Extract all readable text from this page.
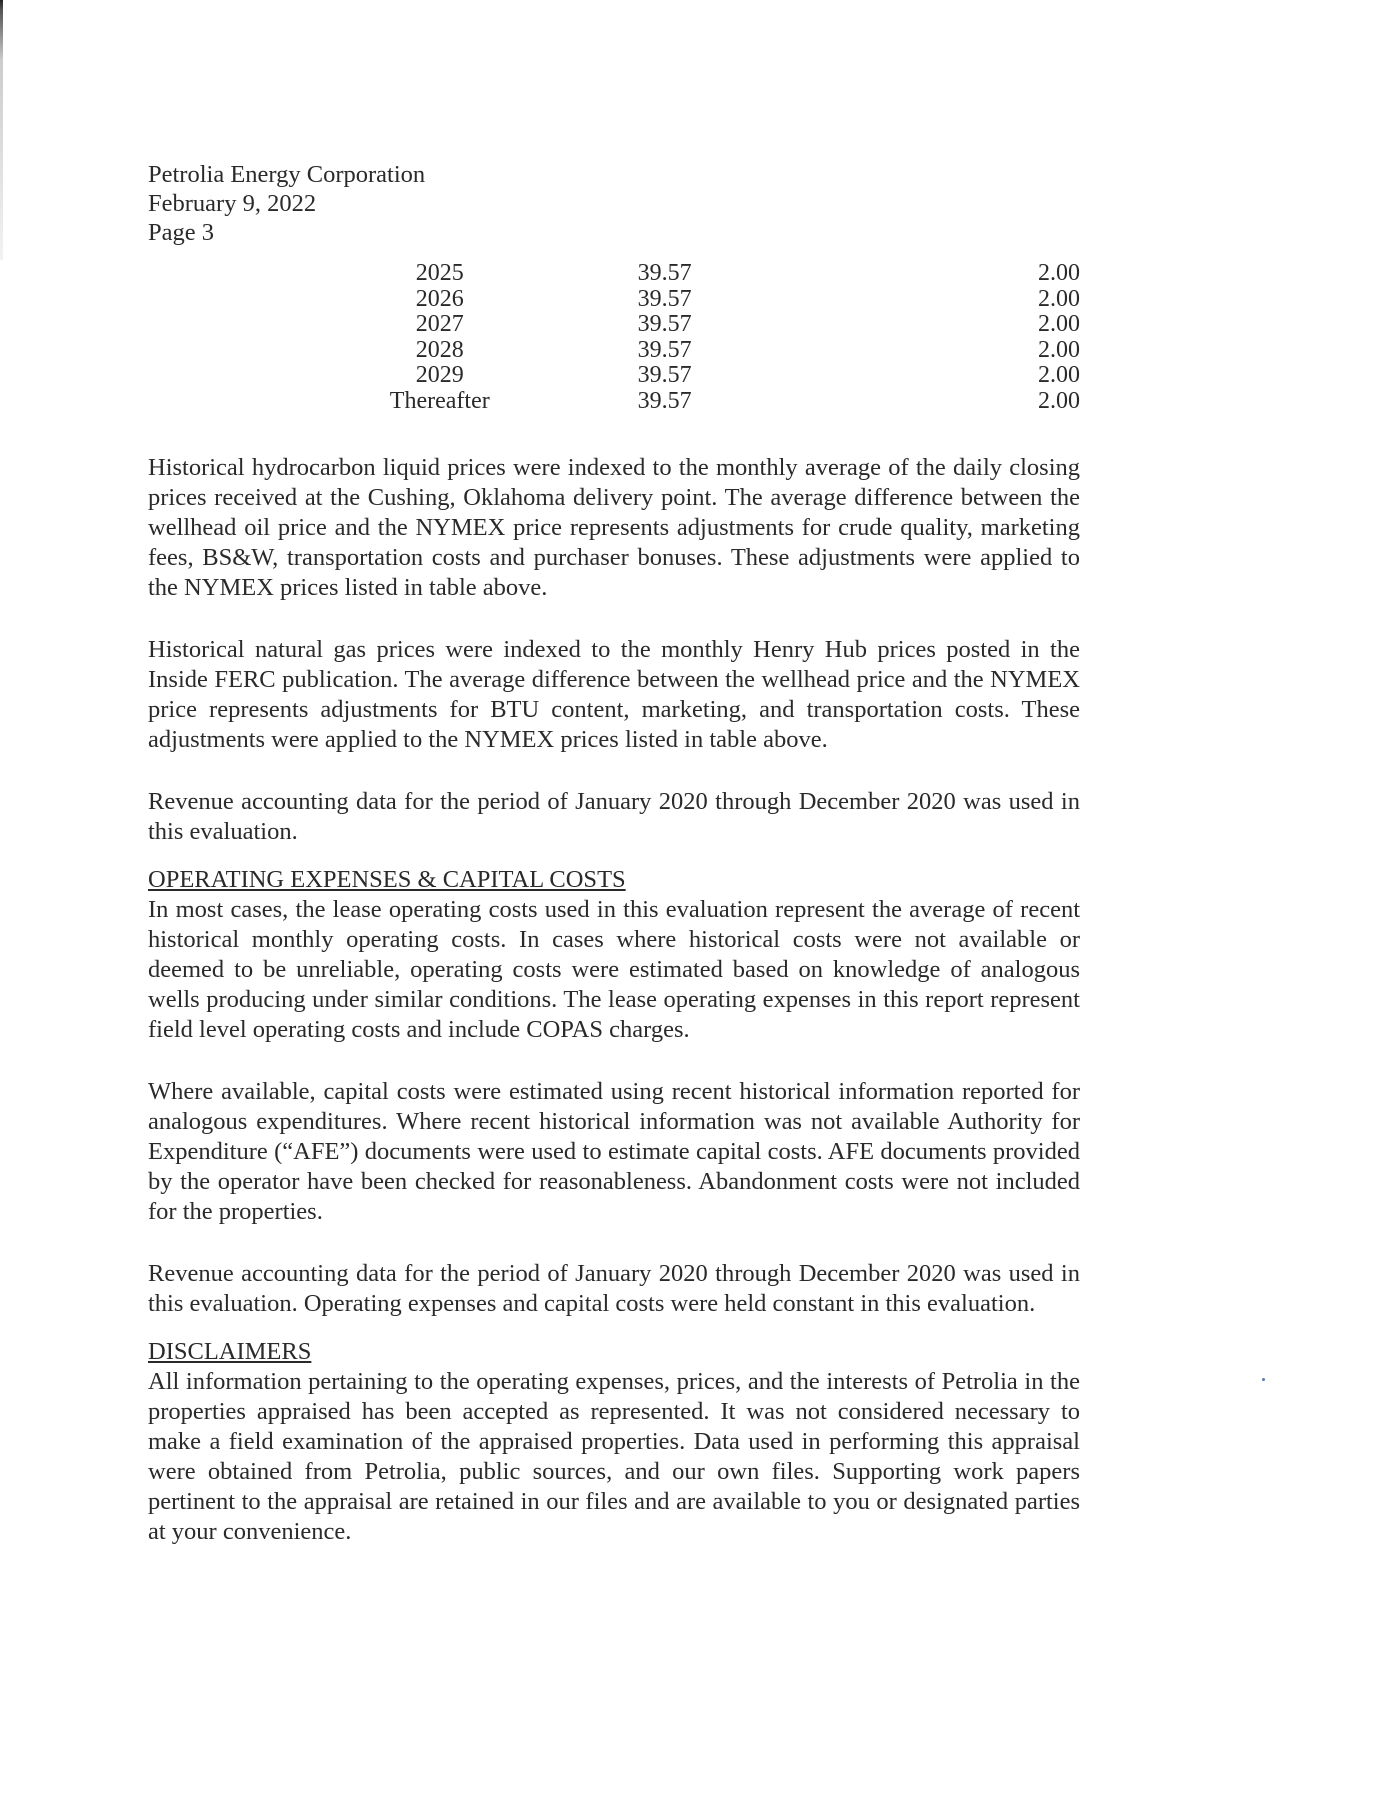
Petrolia Energy Corporation
February 9, 2022
Page 3
2025	39.57	2.00
2026	39.57	2.00
2027	39.57	2.00
2028	39.57	2.00
2029	39.57	2.00
Thereafter	39.57	2.00

Historical hydrocarbon liquid prices were indexed to the monthly average of the daily closing prices received at the Cushing, Oklahoma delivery point. The average difference between the wellhead oil price and the NYMEX price represents adjustments for crude quality, marketing fees, BS&W, transportation costs and purchaser bonuses. These adjustments were applied to the NYMEX prices listed in table above.

Historical natural gas prices were indexed to the monthly Henry Hub prices posted in the Inside FERC publication. The average difference between the wellhead price and the NYMEX price represents adjustments for BTU content, marketing, and transportation costs. These adjustments were applied to the NYMEX prices listed in table above.

Revenue accounting data for the period of January 2020 through December 2020 was used in this evaluation.

OPERATING EXPENSES & CAPITAL COSTS

In most cases, the lease operating costs used in this evaluation represent the average of recent historical monthly operating costs. In cases where historical costs were not available or deemed to be unreliable, operating costs were estimated based on knowledge of analogous wells producing under similar conditions. The lease operating expenses in this report represent field level operating costs and include COPAS charges.

Where available, capital costs were estimated using recent historical information reported for analogous expenditures. Where recent historical information was not available Authority for Expenditure (“AFE”) documents were used to estimate capital costs. AFE documents provided by the operator have been checked for reasonableness. Abandonment costs were not included for the properties.

Revenue accounting data for the period of January 2020 through December 2020 was used in this evaluation. Operating expenses and capital costs were held constant in this evaluation.

DISCLAIMERS

All information pertaining to the operating expenses, prices, and the interests of Petrolia in the properties appraised has been accepted as represented. It was not considered necessary to make a field examination of the appraised properties. Data used in performing this appraisal were obtained from Petrolia, public sources, and our own files. Supporting work papers pertinent to the appraisal are retained in our files and are available to you or designated parties at your convenience.
